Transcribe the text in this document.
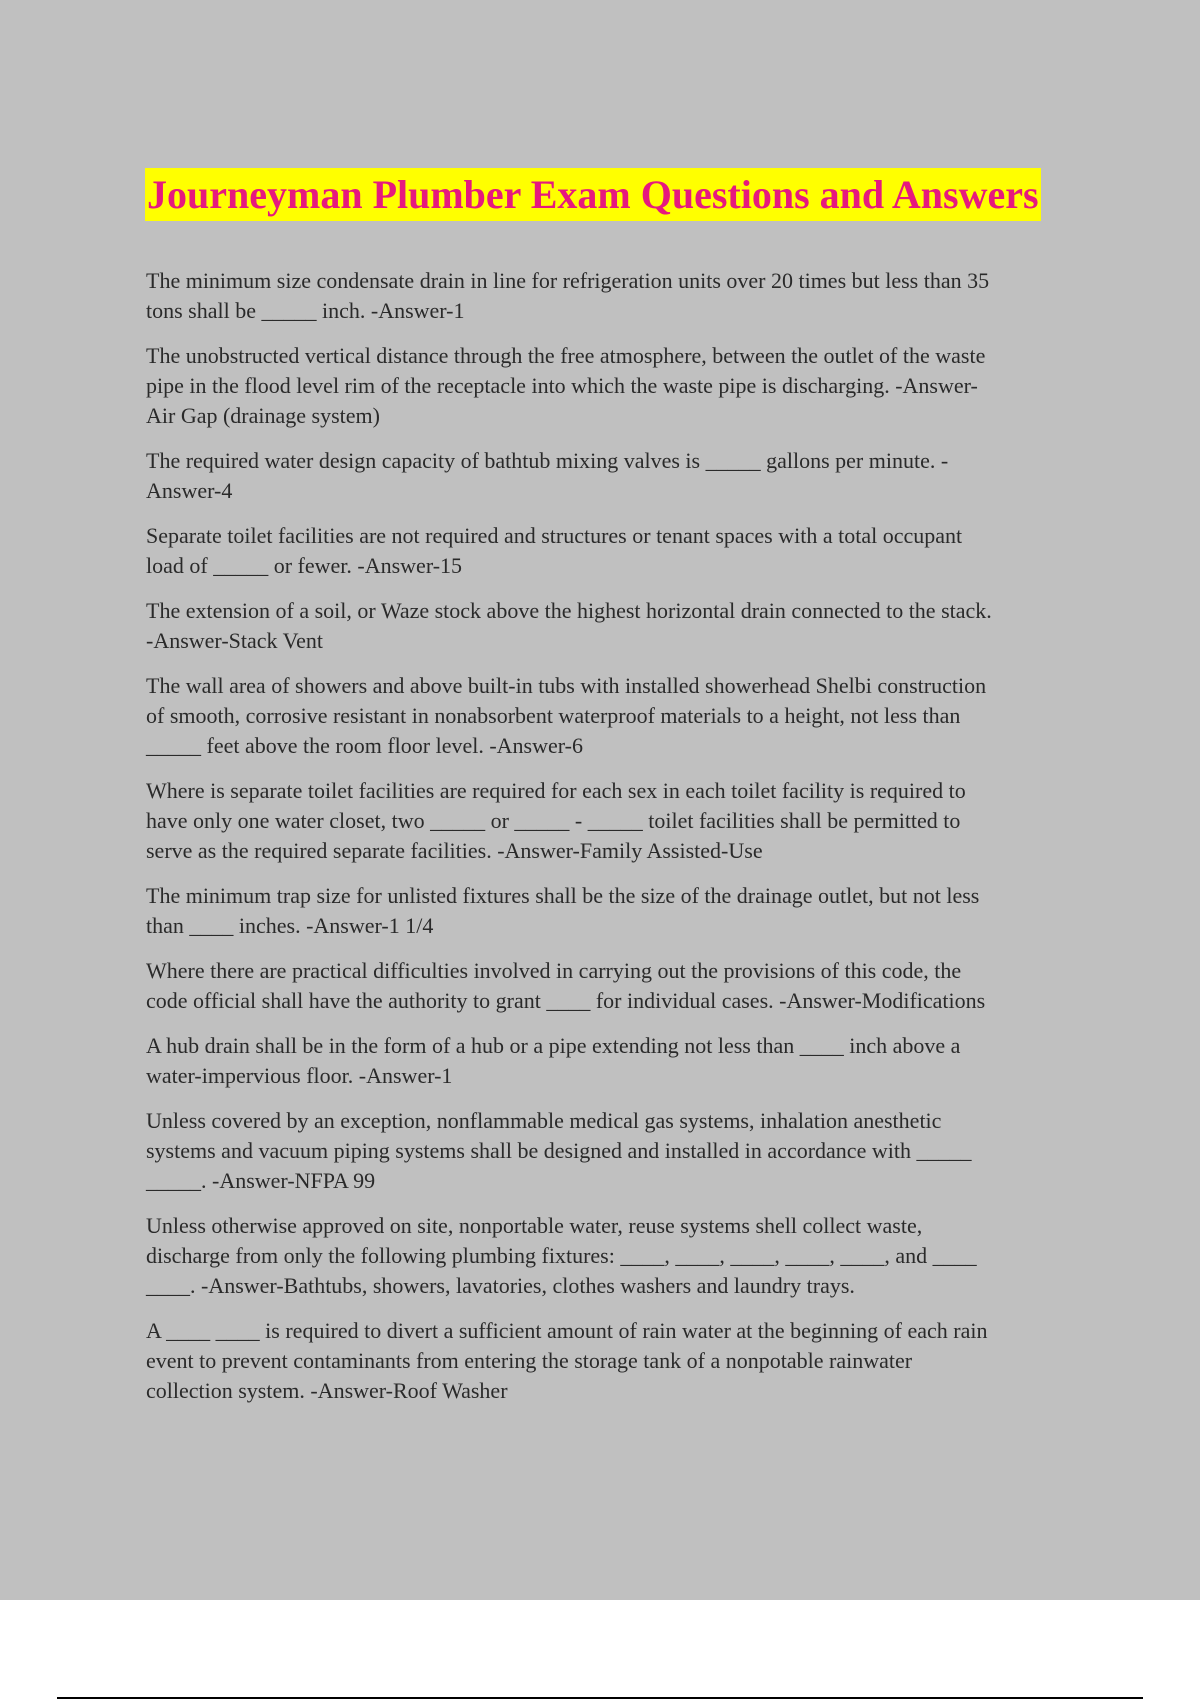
Journeyman Plumber Exam Questions and Answers
The minimum size condensate drain in line for refrigeration units over 20 times but less than 35
tons shall be _____ inch. -Answer-1
The unobstructed vertical distance through the free atmosphere, between the outlet of the waste
pipe in the flood level rim of the receptacle into which the waste pipe is discharging. -Answer-
Air Gap (drainage system)
The required water design capacity of bathtub mixing valves is _____ gallons per minute. -
Answer-4
Separate toilet facilities are not required and structures or tenant spaces with a total occupant
load of _____ or fewer. -Answer-15
The extension of a soil, or Waze stock above the highest horizontal drain connected to the stack.
-Answer-Stack Vent
The wall area of showers and above built-in tubs with installed showerhead Shelbi construction
of smooth, corrosive resistant in nonabsorbent waterproof materials to a height, not less than
_____ feet above the room floor level. -Answer-6
Where is separate toilet facilities are required for each sex in each toilet facility is required to
have only one water closet, two _____ or _____ - _____ toilet facilities shall be permitted to
serve as the required separate facilities. -Answer-Family Assisted-Use
The minimum trap size for unlisted fixtures shall be the size of the drainage outlet, but not less
than ____ inches. -Answer-1 1/4
Where there are practical difficulties involved in carrying out the provisions of this code, the
code official shall have the authority to grant ____ for individual cases. -Answer-Modifications
A hub drain shall be in the form of a hub or a pipe extending not less than ____ inch above a
water-impervious floor. -Answer-1
Unless covered by an exception, nonflammable medical gas systems, inhalation anesthetic
systems and vacuum piping systems shall be designed and installed in accordance with _____
_____. -Answer-NFPA 99
Unless otherwise approved on site, nonportable water, reuse systems shell collect waste,
discharge from only the following plumbing fixtures: ____, ____, ____, ____, ____, and ____
____. -Answer-Bathtubs, showers, lavatories, clothes washers and laundry trays.
A ____ ____ is required to divert a sufficient amount of rain water at the beginning of each rain
event to prevent contaminants from entering the storage tank of a nonpotable rainwater
collection system. -Answer-Roof Washer
